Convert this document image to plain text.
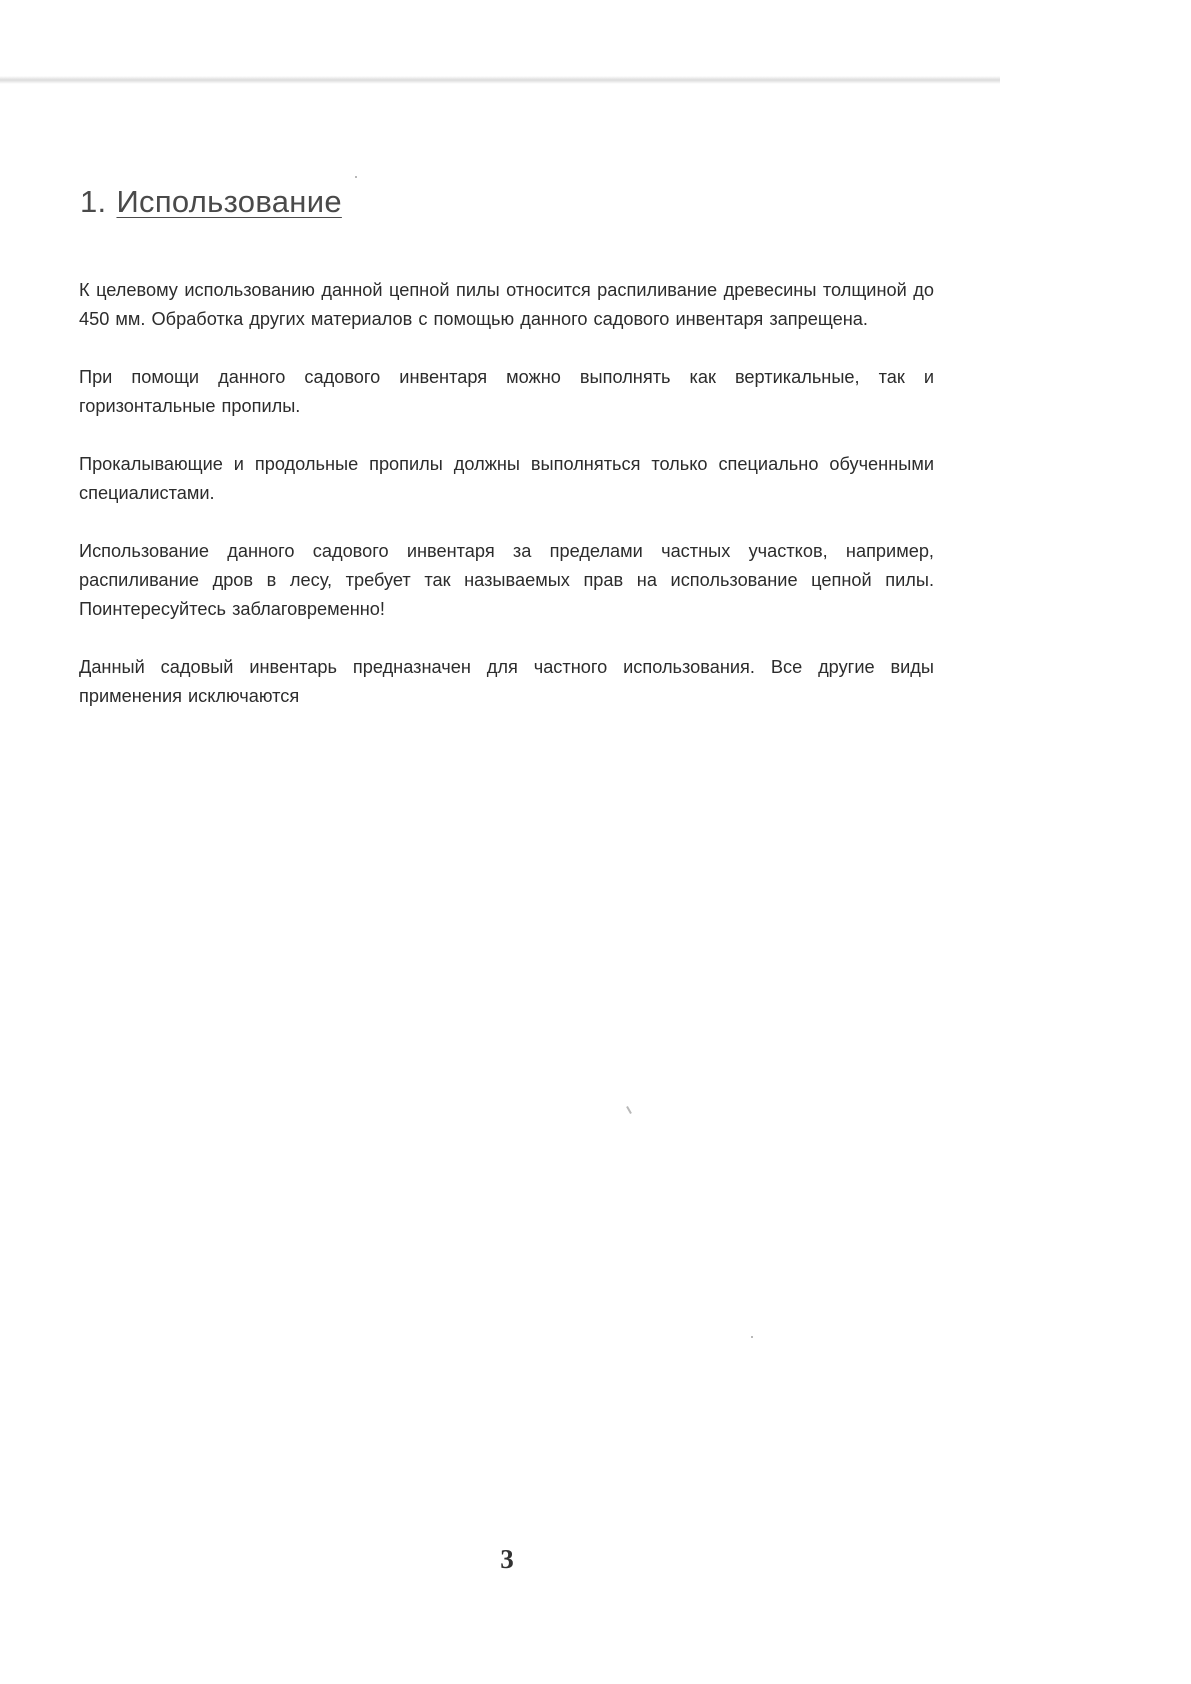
1. Использование

К целевому использованию данной цепной пилы относится распиливание древесины толщиной до 450 мм. Обработка других материалов с помощью данного садового инвентаря запрещена.

При помощи данного садового инвентаря можно выполнять как вертикальные, так и горизонтальные пропилы.

Прокалывающие и продольные пропилы должны выполняться только специально обученными специалистами.

Использование данного садового инвентаря за пределами частных участков, например, распиливание дров в лесу, требует так называемых прав на использование цепной пилы. Поинтересуйтесь заблаговременно!

Данный садовый инвентарь предназначен для частного использования. Все другие виды применения исключаются

3
